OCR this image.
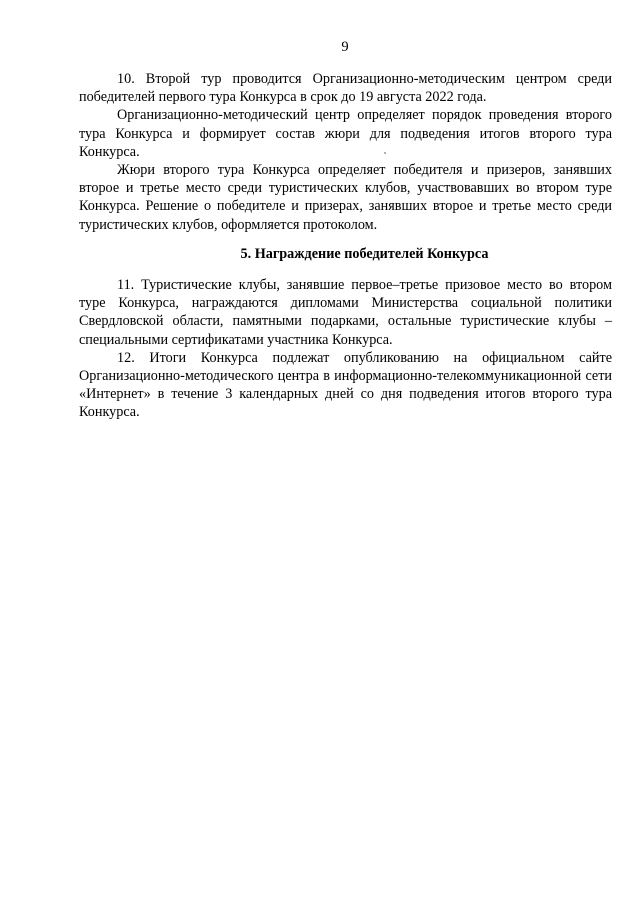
9

10. Второй тур проводится Организационно-методическим центром среди победителей первого тура Конкурса в срок до 19 августа 2022 года.

Организационно-методический центр определяет порядок проведения второго тура Конкурса и формирует состав жюри для подведения итогов второго тура Конкурса.

Жюри второго тура Конкурса определяет победителя и призеров, занявших второе и третье место среди туристических клубов, участвовавших во втором туре Конкурса. Решение о победителе и призерах, занявших второе и третье место среди туристических клубов, оформляется протоколом.

5. Награждение победителей Конкурса

11. Туристические клубы, занявшие первое–третье призовое место во втором туре Конкурса, награждаются дипломами Министерства социальной политики Свердловской области, памятными подарками, остальные туристические клубы – специальными сертификатами участника Конкурса.

12. Итоги Конкурса подлежат опубликованию на официальном сайте Организационно-методического центра в информационно-телекоммуникационной сети «Интернет» в течение 3 календарных дней со дня подведения итогов второго тура Конкурса.
